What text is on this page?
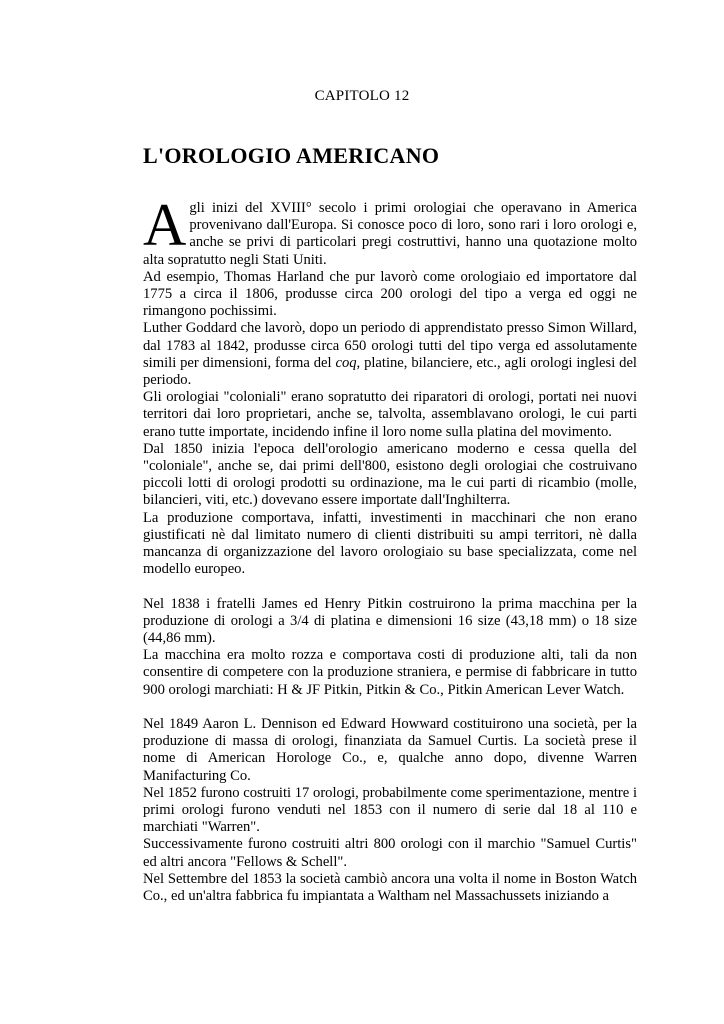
CAPITOLO 12
L'OROLOGIO AMERICANO

Agli inizi del XVIII° secolo i primi orologiai che operavano in America provenivano dall'Europa. Si conosce poco di loro, sono rari i loro orologi e, anche se privi di particolari pregi costruttivi, hanno una quotazione molto alta sopratutto negli Stati Uniti.

Ad esempio, Thomas Harland che pur lavorò come orologiaio ed importatore dal 1775 a circa il 1806, produsse circa 200 orologi del tipo a verga ed oggi ne rimangono pochissimi.

Luther Goddard che lavorò, dopo un periodo di apprendistato presso Simon Willard, dal 1783 al 1842, produsse circa 650 orologi tutti del tipo verga ed assolutamente simili per dimensioni, forma del coq, platine, bilanciere, etc., agli orologi inglesi del periodo.

Gli orologiai "coloniali" erano sopratutto dei riparatori di orologi, portati nei nuovi territori dai loro proprietari, anche se, talvolta, assemblavano orologi, le cui parti erano tutte importate, incidendo infine il loro nome sulla platina del movimento.

Dal 1850 inizia l'epoca dell'orologio americano moderno e cessa quella del "coloniale", anche se, dai primi dell'800, esistono degli orologiai che costruivano piccoli lotti di orologi prodotti su ordinazione, ma le cui parti di ricambio (molle, bilancieri, viti, etc.) dovevano essere importate dall'Inghilterra.

La produzione comportava, infatti, investimenti in macchinari che non erano giustificati nè dal limitato numero di clienti distribuiti su ampi territori, nè dalla mancanza di organizzazione del lavoro orologiaio su base specializzata, come nel modello europeo.

Nel 1838 i fratelli James ed Henry Pitkin costruirono la prima macchina per la produzione di orologi a 3/4 di platina e dimensioni 16 size (43,18 mm) o 18 size (44,86 mm).

La macchina era molto rozza e comportava costi di produzione alti, tali da non consentire di competere con la produzione straniera, e permise di fabbricare in tutto 900 orologi marchiati: H & JF Pitkin, Pitkin & Co., Pitkin American Lever Watch.

Nel 1849 Aaron L. Dennison ed Edward Howward costituirono una società, per la produzione di massa di orologi, finanziata da Samuel Curtis. La società prese il nome di American Horologe Co., e, qualche anno dopo, divenne Warren Manifacturing Co.

Nel 1852 furono costruiti 17 orologi, probabilmente come sperimentazione, mentre i primi orologi furono venduti nel 1853 con il numero di serie dal 18 al 110 e marchiati "Warren".

Successivamente furono costruiti altri 800 orologi con il marchio "Samuel Curtis" ed altri ancora "Fellows & Schell".

Nel Settembre del 1853 la società cambiò ancora una volta il nome in Boston Watch Co., ed un'altra fabbrica fu impiantata a Waltham nel Massachussets iniziando a
